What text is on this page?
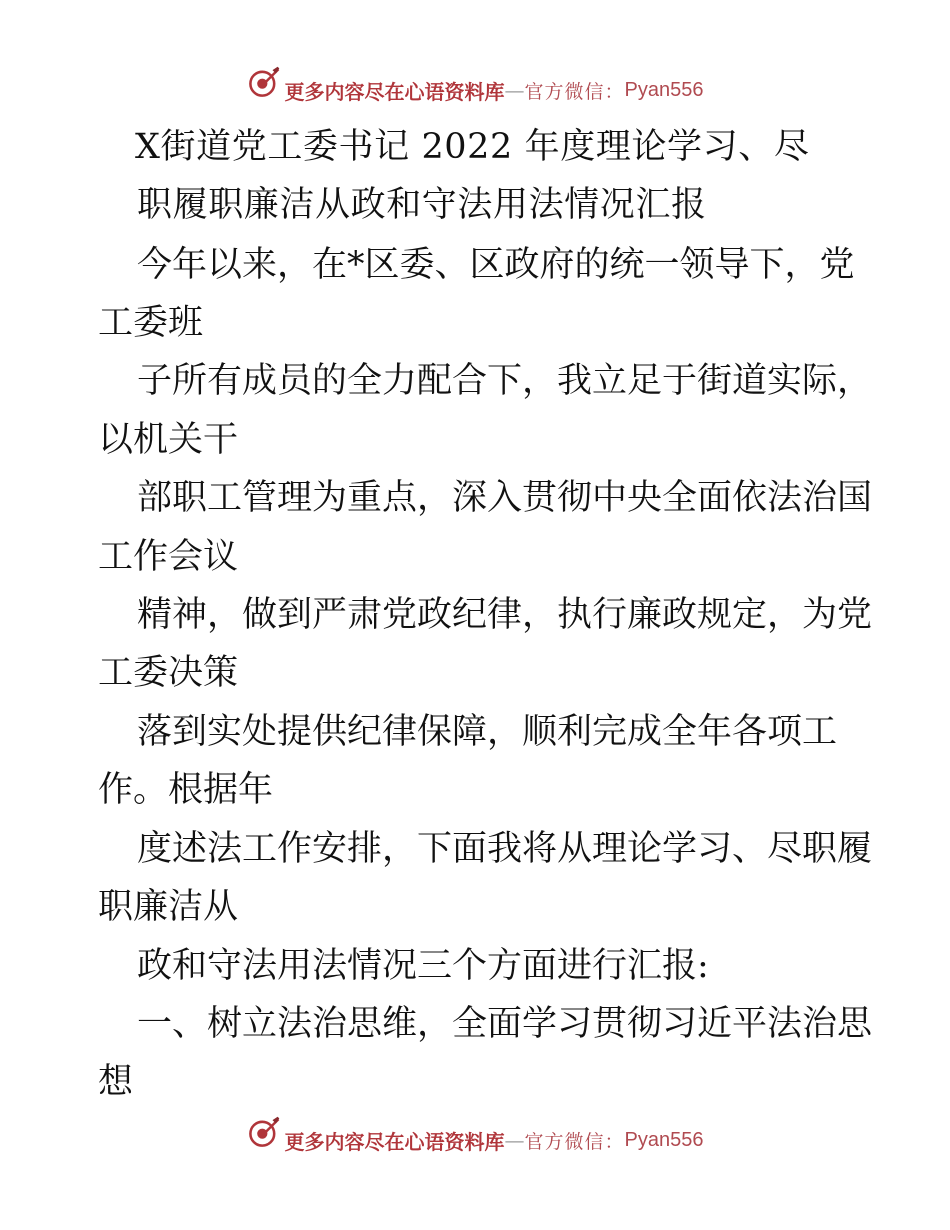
更多内容尽在心语资料库 — 官方微信： Pyan556
X街道党工委书记 2022 年度理论学习、尽
职履职廉洁从政和守法用法情况汇报
今年以来，在*区委、区政府的统一领导下，党
工委班
子所有成员的全力配合下，我立足于街道实际，
以机关干
部职工管理为重点，深入贯彻中央全面依法治国
工作会议
精神，做到严肃党政纪律，执行廉政规定，为党
工委决策
落到实处提供纪律保障，顺利完成全年各项工
作。根据年
度述法工作安排，下面我将从理论学习、尽职履
职廉洁从
政和守法用法情况三个方面进行汇报:
一、树立法治思维，全面学习贯彻习近平法治思
想
更多内容尽在心语资料库 — 官方微信： Pyan556
